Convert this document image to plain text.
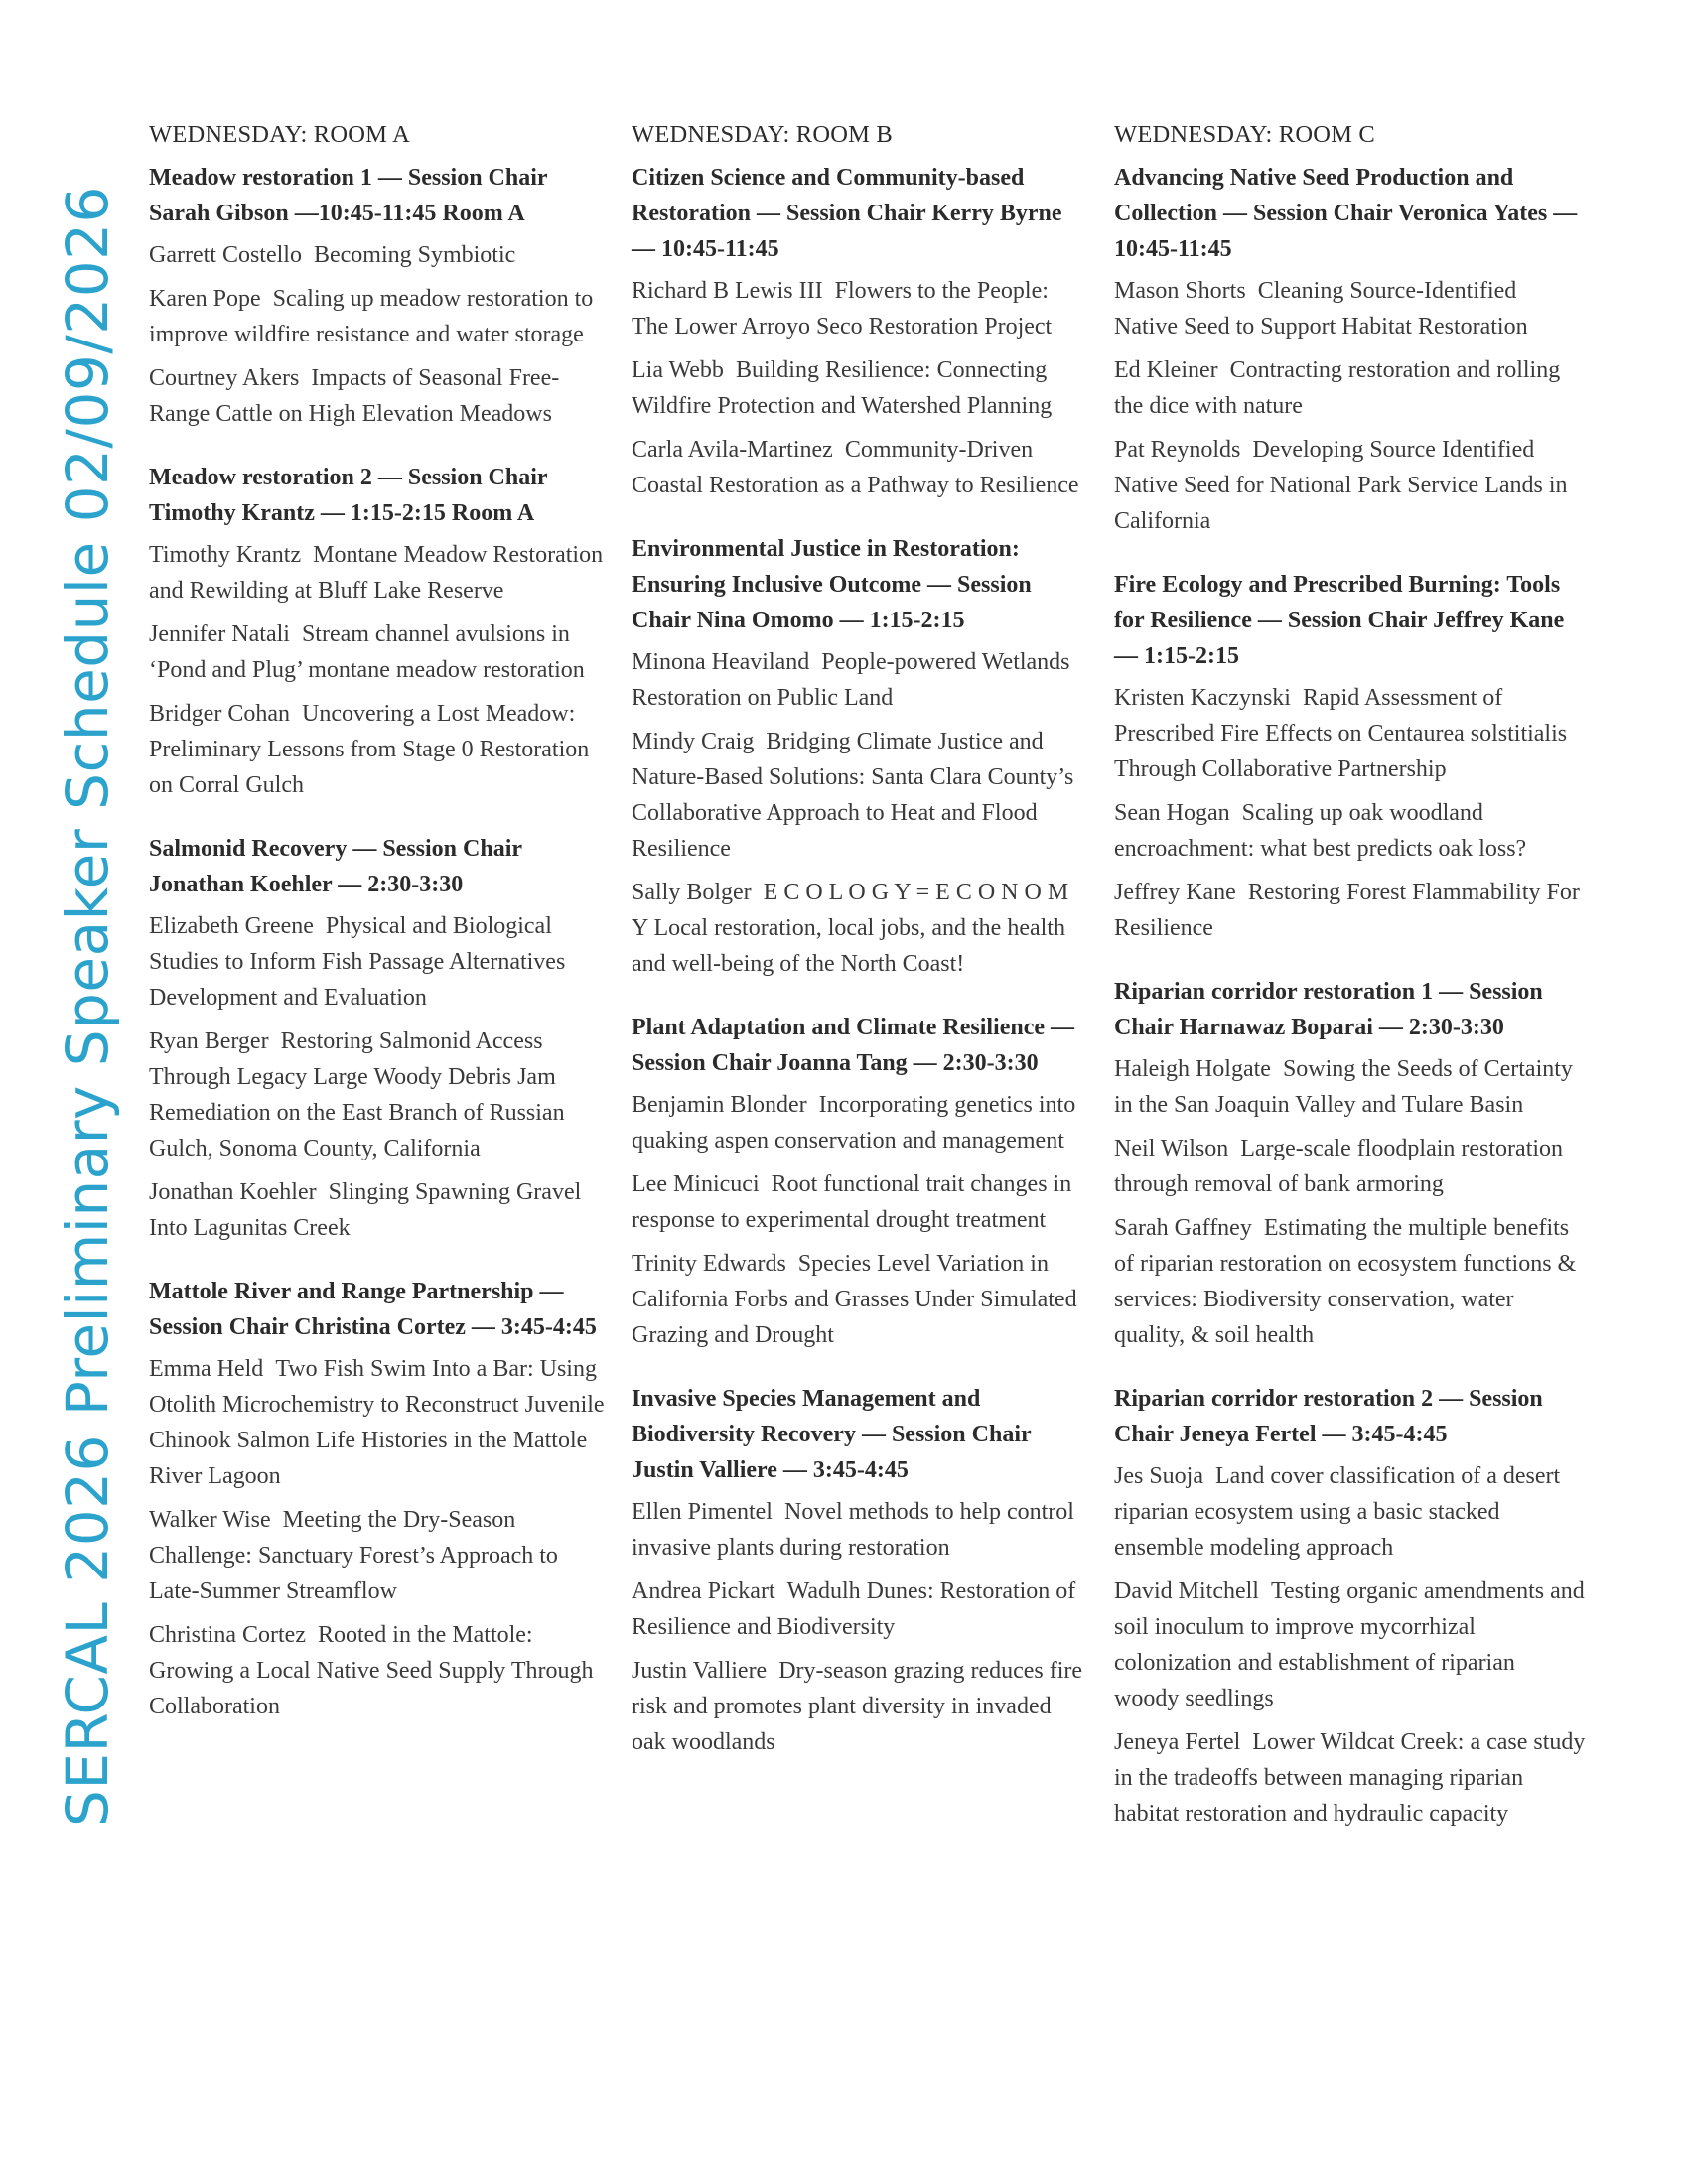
SERCAL 2026 Preliminary Speaker Schedule 02/09/2026
WEDNESDAY: ROOM A
Meadow restoration 1 — Session Chair Sarah Gibson —10:45-11:45 Room A
Garrett Costello Becoming Symbiotic
Karen Pope Scaling up meadow restoration to improve wildfire resistance and water storage
Courtney Akers Impacts of Seasonal Free-Range Cattle on High Elevation Meadows
Meadow restoration 2 — Session Chair Timothy Krantz — 1:15-2:15 Room A
Timothy Krantz Montane Meadow Restoration and Rewilding at Bluff Lake Reserve
Jennifer Natali Stream channel avulsions in ‘Pond and Plug’ montane meadow restoration
Bridger Cohan Uncovering a Lost Meadow: Preliminary Lessons from Stage 0 Restoration on Corral Gulch
Salmonid Recovery — Session Chair Jonathan Koehler — 2:30-3:30
Elizabeth Greene Physical and Biological Studies to Inform Fish Passage Alternatives Development and Evaluation
Ryan Berger Restoring Salmonid Access Through Legacy Large Woody Debris Jam Remediation on the East Branch of Russian Gulch, Sonoma County, California
Jonathan Koehler Slinging Spawning Gravel Into Lagunitas Creek
Mattole River and Range Partnership — Session Chair Christina Cortez — 3:45-4:45
Emma Held Two Fish Swim Into a Bar: Using Otolith Microchemistry to Reconstruct Juvenile Chinook Salmon Life Histories in the Mattole River Lagoon
Walker Wise Meeting the Dry-Season Challenge: Sanctuary Forest’s Approach to Late-Summer Streamflow
Christina Cortez Rooted in the Mattole: Growing a Local Native Seed Supply Through Collaboration
WEDNESDAY: ROOM B
Citizen Science and Community-based Restoration — Session Chair Kerry Byrne — 10:45-11:45
Richard B Lewis III Flowers to the People: The Lower Arroyo Seco Restoration Project
Lia Webb Building Resilience: Connecting Wildfire Protection and Watershed Planning
Carla Avila-Martinez Community-Driven Coastal Restoration as a Pathway to Resilience
Environmental Justice in Restoration: Ensuring Inclusive Outcome — Session Chair Nina Omomo — 1:15-2:15
Minona Heaviland People-powered Wetlands Restoration on Public Land
Mindy Craig Bridging Climate Justice and Nature-Based Solutions: Santa Clara County’s Collaborative Approach to Heat and Flood Resilience
Sally Bolger E C O L O G Y = E C O N O M Y Local restoration, local jobs, and the health and well-being of the North Coast!
Plant Adaptation and Climate Resilience — Session Chair Joanna Tang — 2:30-3:30
Benjamin Blonder Incorporating genetics into quaking aspen conservation and management
Lee Minicuci Root functional trait changes in response to experimental drought treatment
Trinity Edwards Species Level Variation in California Forbs and Grasses Under Simulated Grazing and Drought
Invasive Species Management and Biodiversity Recovery — Session Chair Justin Valliere — 3:45-4:45
Ellen Pimentel Novel methods to help control invasive plants during restoration
Andrea Pickart Wadulh Dunes: Restoration of Resilience and Biodiversity
Justin Valliere Dry-season grazing reduces fire risk and promotes plant diversity in invaded oak woodlands
WEDNESDAY: ROOM C
Advancing Native Seed Production and Collection — Session Chair Veronica Yates — 10:45-11:45
Mason Shorts Cleaning Source-Identified Native Seed to Support Habitat Restoration
Ed Kleiner Contracting restoration and rolling the dice with nature
Pat Reynolds Developing Source Identified Native Seed for National Park Service Lands in California
Fire Ecology and Prescribed Burning: Tools for Resilience — Session Chair Jeffrey Kane — 1:15-2:15
Kristen Kaczynski Rapid Assessment of Prescribed Fire Effects on Centaurea solstitialis Through Collaborative Partnership
Sean Hogan Scaling up oak woodland encroachment: what best predicts oak loss?
Jeffrey Kane Restoring Forest Flammability For Resilience
Riparian corridor restoration 1 — Session Chair Harnawaz Boparai — 2:30-3:30
Haleigh Holgate Sowing the Seeds of Certainty in the San Joaquin Valley and Tulare Basin
Neil Wilson Large-scale floodplain restoration through removal of bank armoring
Sarah Gaffney Estimating the multiple benefits of riparian restoration on ecosystem functions & services: Biodiversity conservation, water quality, & soil health
Riparian corridor restoration 2 — Session Chair Jeneya Fertel — 3:45-4:45
Jes Suoja Land cover classification of a desert riparian ecosystem using a basic stacked ensemble modeling approach
David Mitchell Testing organic amendments and soil inoculum to improve mycorrhizal colonization and establishment of riparian woody seedlings
Jeneya Fertel Lower Wildcat Creek: a case study in the tradeoffs between managing riparian habitat restoration and hydraulic capacity
